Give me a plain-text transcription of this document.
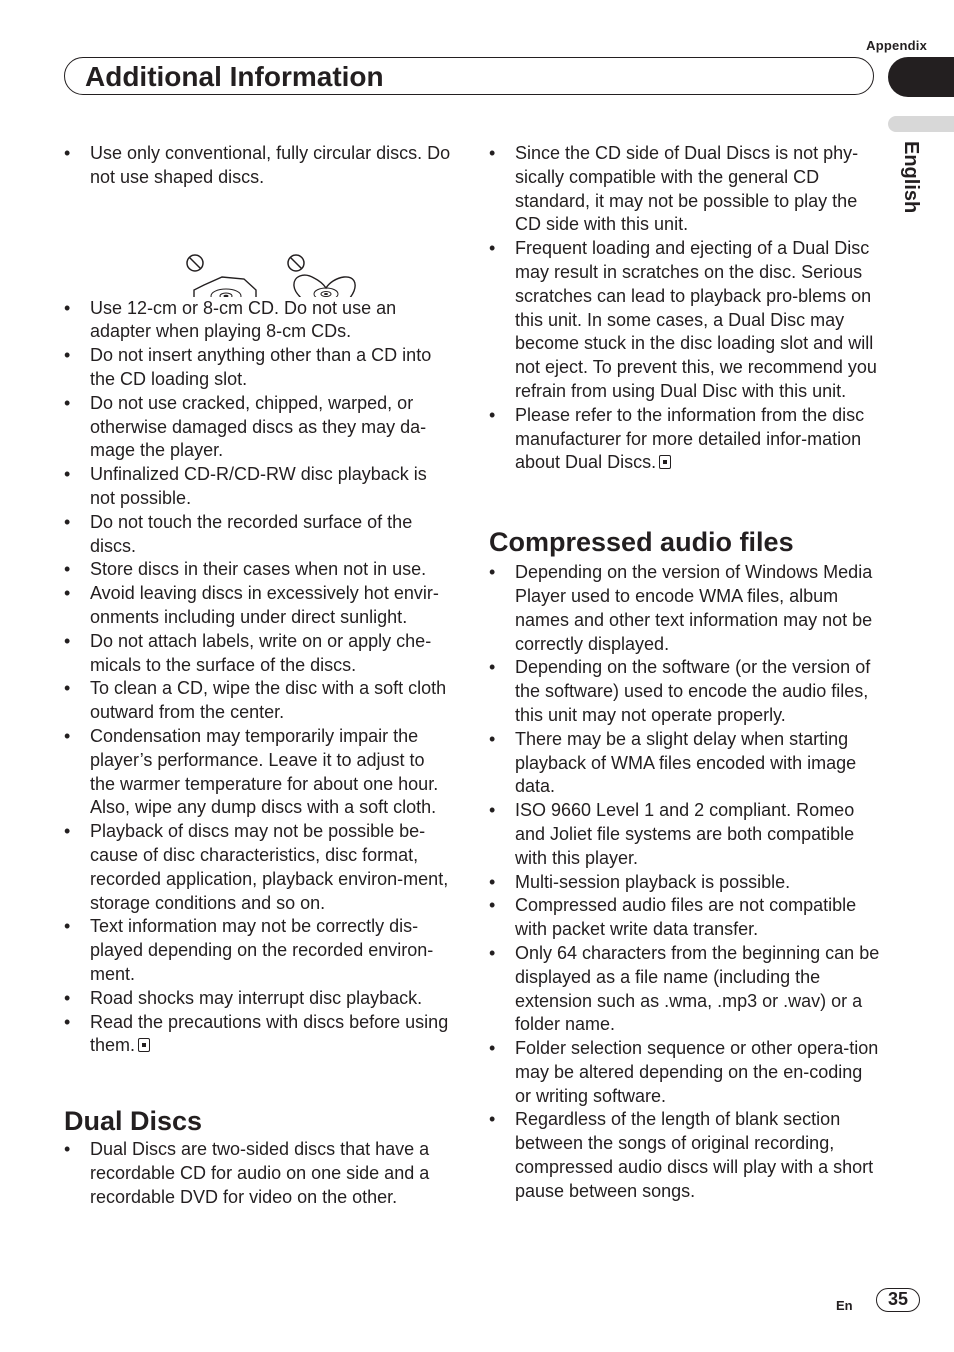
Appendix
Additional Information
English
• Use only conventional, fully circular discs. Do not use shaped discs.
• Use 12-cm or 8-cm CD. Do not use an adapter when playing 8-cm CDs.
• Do not insert anything other than a CD into the CD loading slot.
• Do not use cracked, chipped, warped, or otherwise damaged discs as they may da-mage the player.
• Unfinalized CD-R/CD-RW disc playback is not possible.
• Do not touch the recorded surface of the discs.
• Store discs in their cases when not in use.
• Avoid leaving discs in excessively hot envir-onments including under direct sunlight.
• Do not attach labels, write on or apply che-micals to the surface of the discs.
• To clean a CD, wipe the disc with a soft cloth outward from the center.
• Condensation may temporarily impair the player’s performance. Leave it to adjust to the warmer temperature for about one hour. Also, wipe any dump discs with a soft cloth.
• Playback of discs may not be possible be-cause of disc characteristics, disc format, recorded application, playback environ-ment, storage conditions and so on.
• Text information may not be correctly dis-played depending on the recorded environ-ment.
• Road shocks may interrupt disc playback.
• Read the precautions with discs before using them.
Dual Discs
• Dual Discs are two-sided discs that have a recordable CD for audio on one side and a recordable DVD for video on the other.
• Since the CD side of Dual Discs is not phy-sically compatible with the general CD standard, it may not be possible to play the CD side with this unit.
• Frequent loading and ejecting of a Dual Disc may result in scratches on the disc. Serious scratches can lead to playback pro-blems on this unit. In some cases, a Dual Disc may become stuck in the disc loading slot and will not eject. To prevent this, we recommend you refrain from using Dual Disc with this unit.
• Please refer to the information from the disc manufacturer for more detailed infor-mation about Dual Discs.
Compressed audio files
• Depending on the version of Windows Media Player used to encode WMA files, album names and other text information may not be correctly displayed.
• Depending on the software (or the version of the software) used to encode the audio files, this unit may not operate properly.
• There may be a slight delay when starting playback of WMA files encoded with image data.
• ISO 9660 Level 1 and 2 compliant. Romeo and Joliet file systems are both compatible with this player.
• Multi-session playback is possible.
• Compressed audio files are not compatible with packet write data transfer.
• Only 64 characters from the beginning can be displayed as a file name (including the extension such as .wma, .mp3 or .wav) or a folder name.
• Folder selection sequence or other opera-tion may be altered depending on the en-coding or writing software.
• Regardless of the length of blank section between the songs of original recording, compressed audio discs will play with a short pause between songs.
En	35
